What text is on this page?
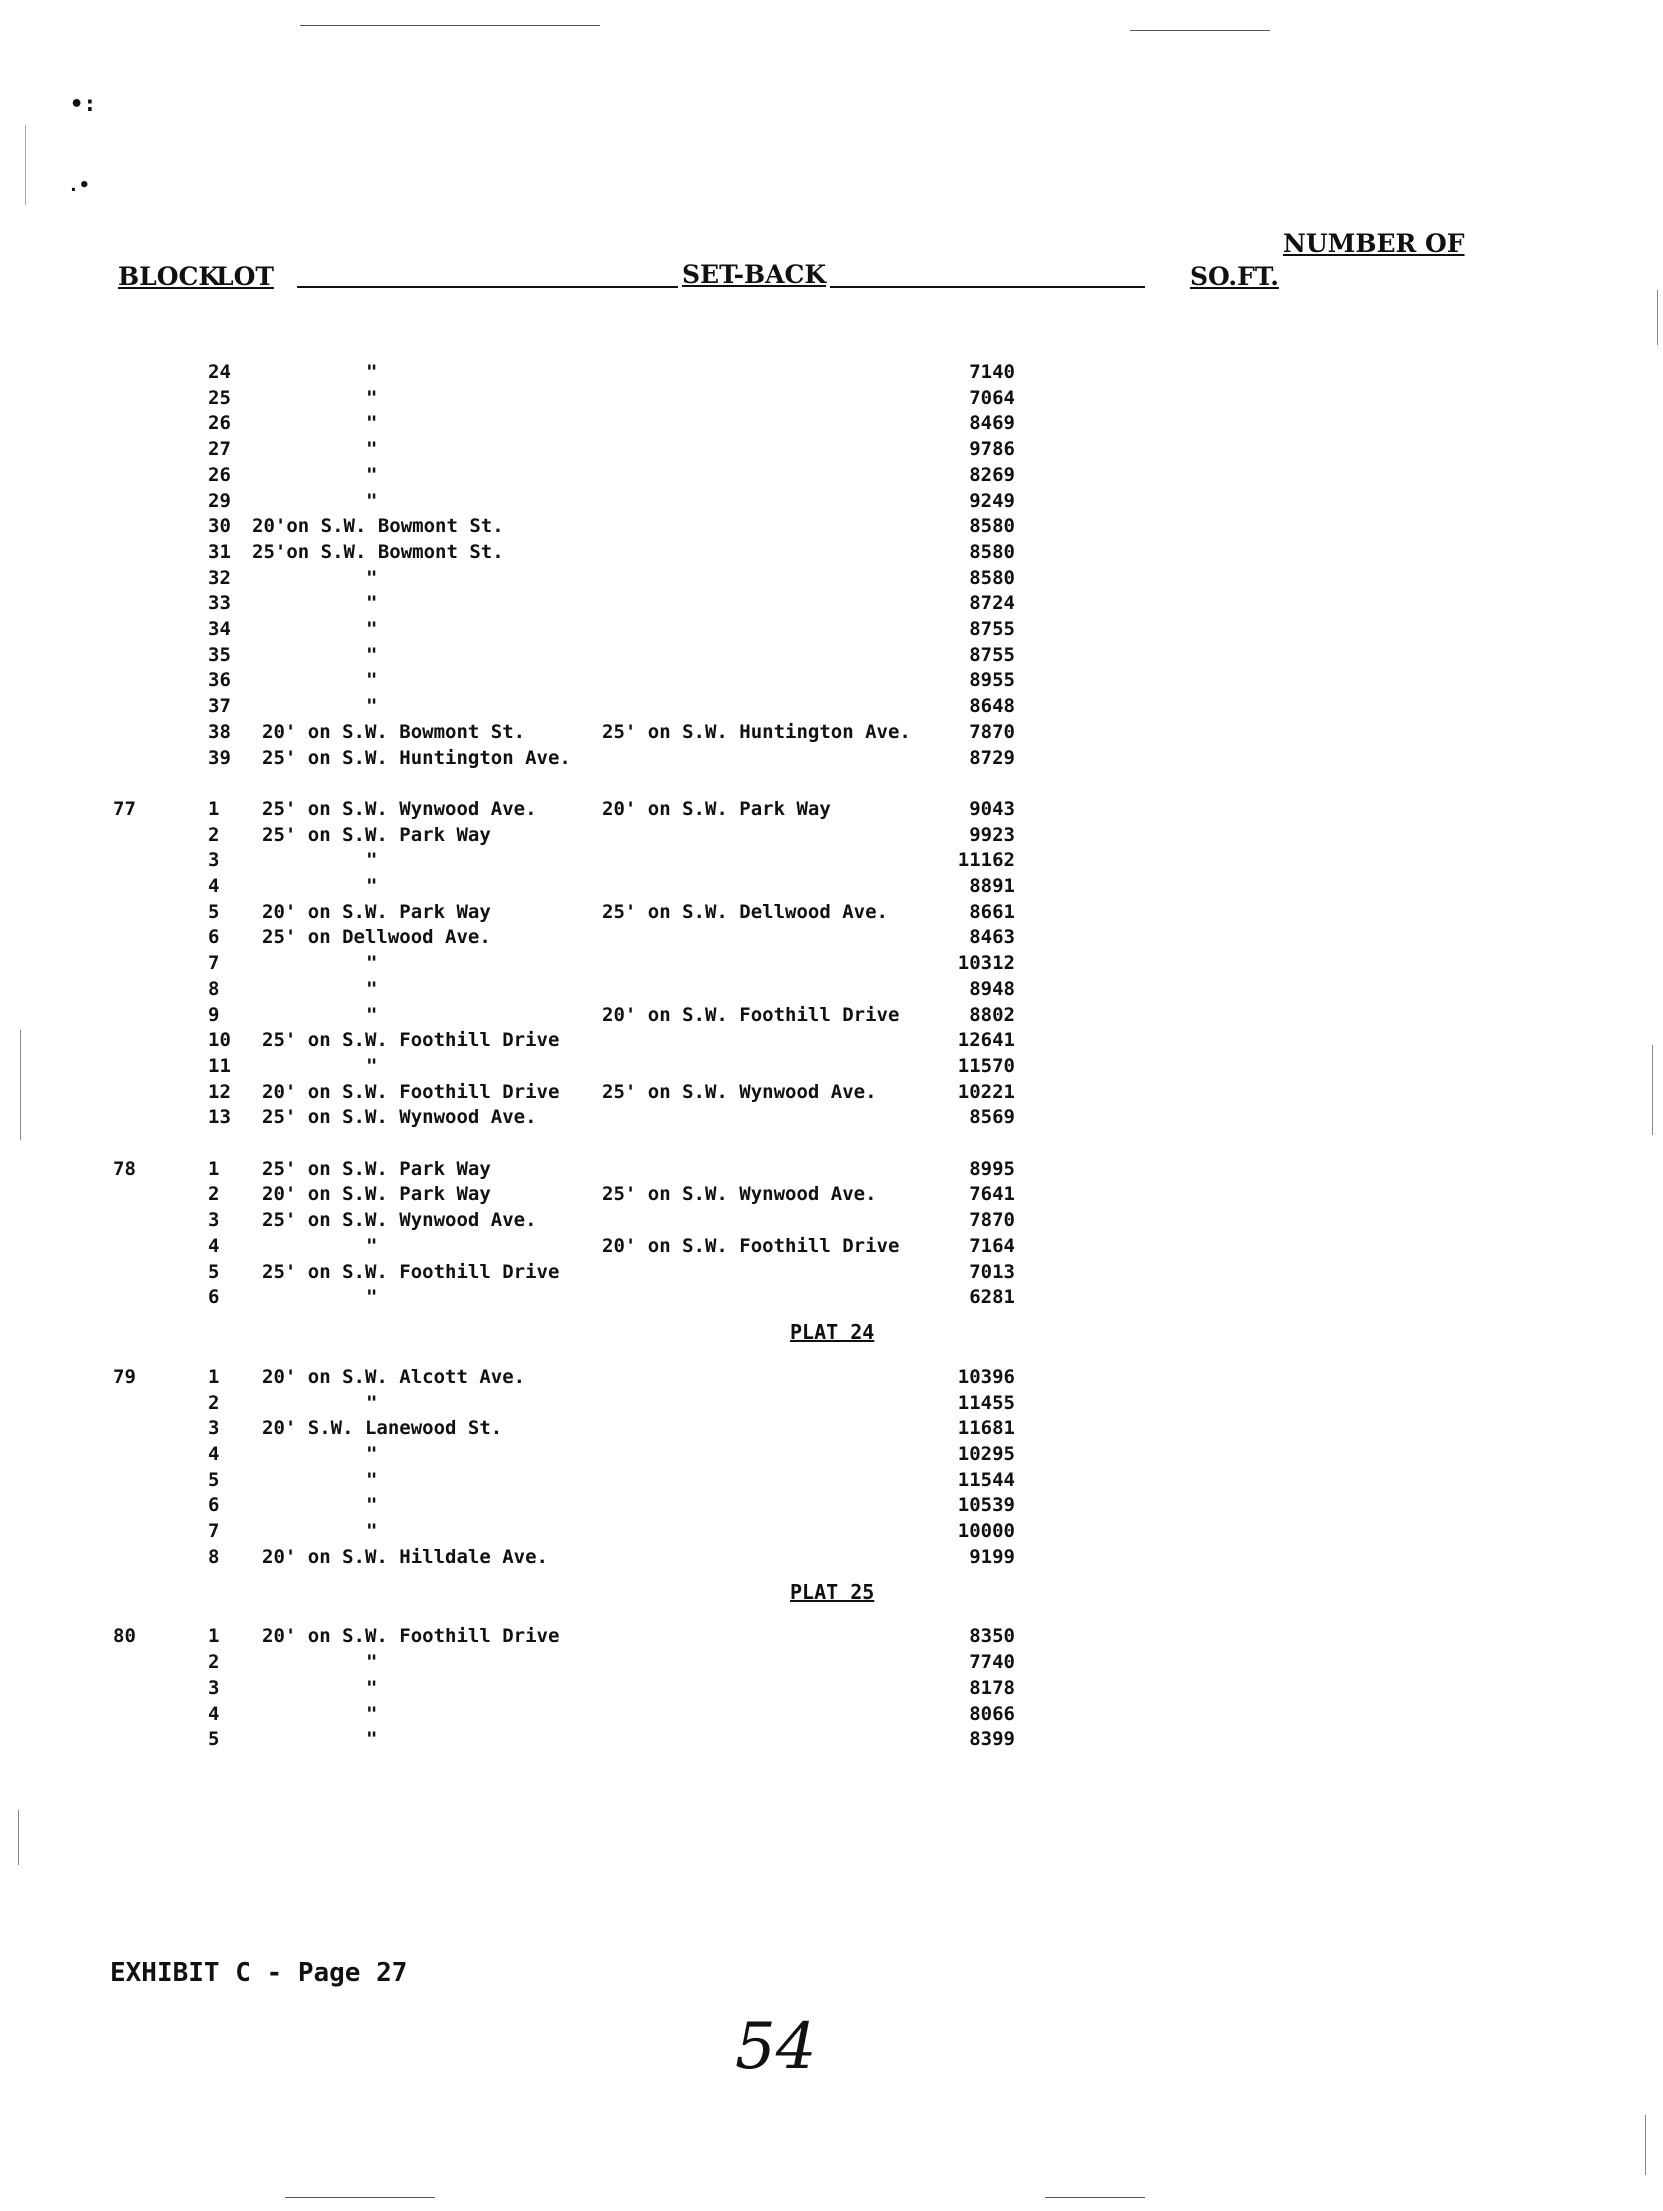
•:
.•
BLOCK
LOT	SET-BACK
NUMBER OF
SO.FT.
24	"	7140
25	"	7064
26	"	8469
27	"	9786
26	"	8269
29	"	9249
30 20'on S.W. Bowmont St.	8580
31 25'on S.W. Bowmont St.	8580
32	"	8580
33	"	8724
34	"	8755
35	"	8755
36	"	8955
37	"	8648
38 20' on S.W. Bowmont St.	25' on S.W. Huntington Ave.	7870
39 25' on S.W. Huntington Ave.	8729
77	1 25' on S.W. Wynwood Ave.	20' on S.W. Park Way	9043
2 25' on S.W. Park Way	9923
3	"	11162
4	"	8891
5 20' on S.W. Park Way	25' on S.W. Dellwood Ave.	8661
6 25' on Dellwood Ave.	8463
7	"	10312
8	"	8948
9	"	20' on S.W. Foothill Drive	8802
10 25' on S.W. Foothill Drive	12641
11	"	11570
12 20' on S.W. Foothill Drive 25' on S.W. Wynwood Ave.	10221
13 25' on S.W. Wynwood Ave.	8569
78	1 25' on S.W. Park Way	8995
2 20' on S.W. Park Way	25' on S.W. Wynwood Ave.	7641
3 25' on S.W. Wynwood Ave.	7870
4	"	20' on S.W. Foothill Drive	7164
5 25' on S.W. Foothill Drive	7013
6	"	6281
PLAT 24
79	1 20' on S.W. Alcott Ave.	10396
2	"	11455
3 20' S.W. Lanewood St.	11681
4	"	10295
5	"	11544
6	"	10539
7	"	10000
8 20' on S.W. Hilldale Ave.	9199
PLAT 25
80	1 20' on S.W. Foothill Drive	8350
2	"	7740
3	"	8178
4	"	8066
5	"	8399
EXHIBIT C - Page 27
54
